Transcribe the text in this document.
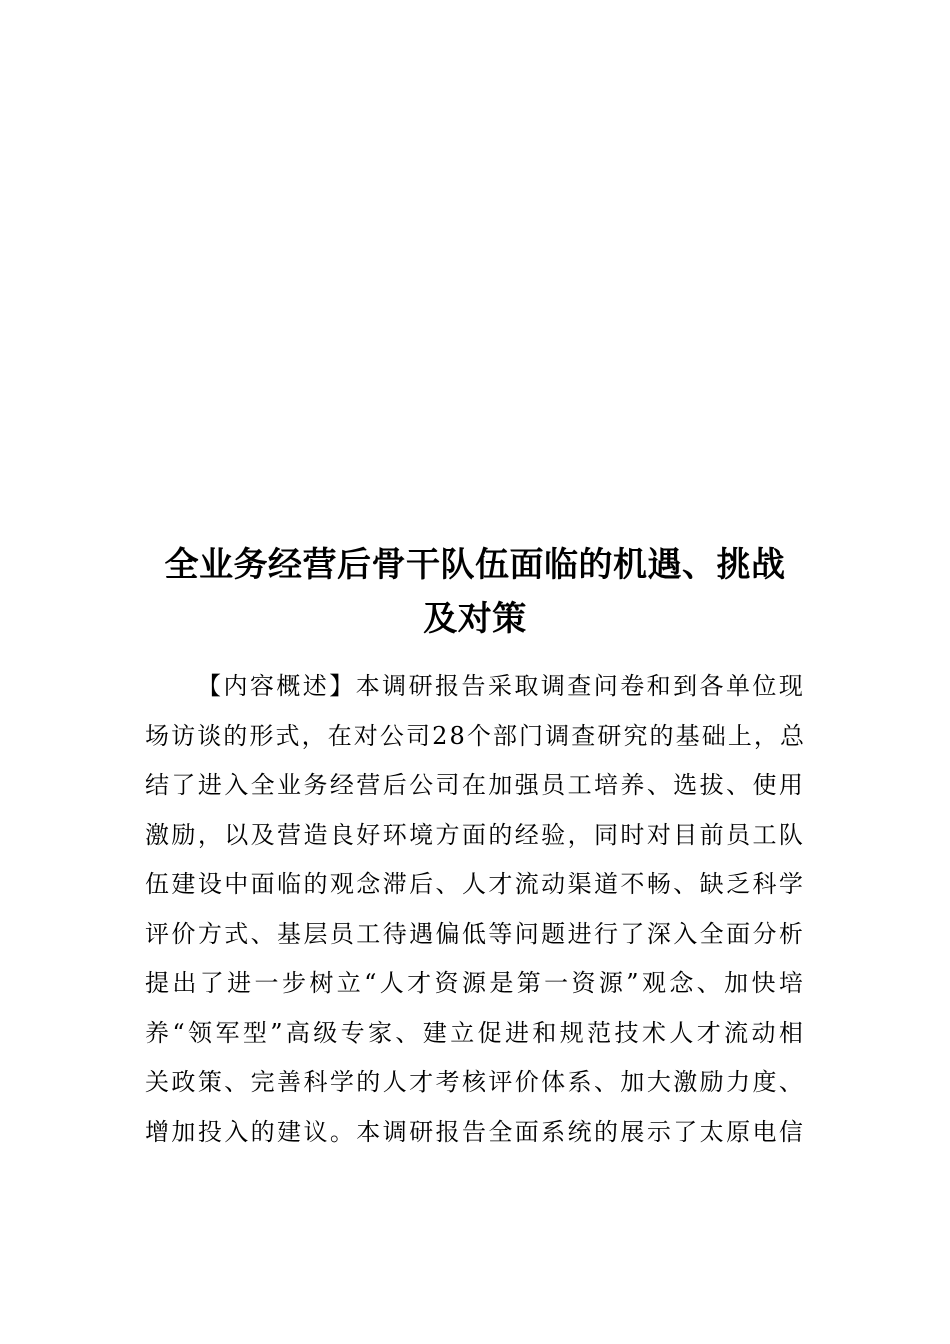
全业务经营后骨干队伍面临的机遇、挑战
及对策
【内容概述】本调研报告采取调查问卷和到各单位现
场访谈的形式，在对公司28个部门调查研究的基础上，总
结了进入全业务经营后公司在加强员工培养、选拔、使用
激励，以及营造良好环境方面的经验，同时对目前员工队
伍建设中面临的观念滞后、人才流动渠道不畅、缺乏科学
评价方式、基层员工待遇偏低等问题进行了深入全面分析
提出了进一步树立“人才资源是第一资源”观念、加快培
养“领军型”高级专家、建立促进和规范技术人才流动相
关政策、完善科学的人才考核评价体系、加大激励力度、
增加投入的建议。本调研报告全面系统的展示了太原电信
